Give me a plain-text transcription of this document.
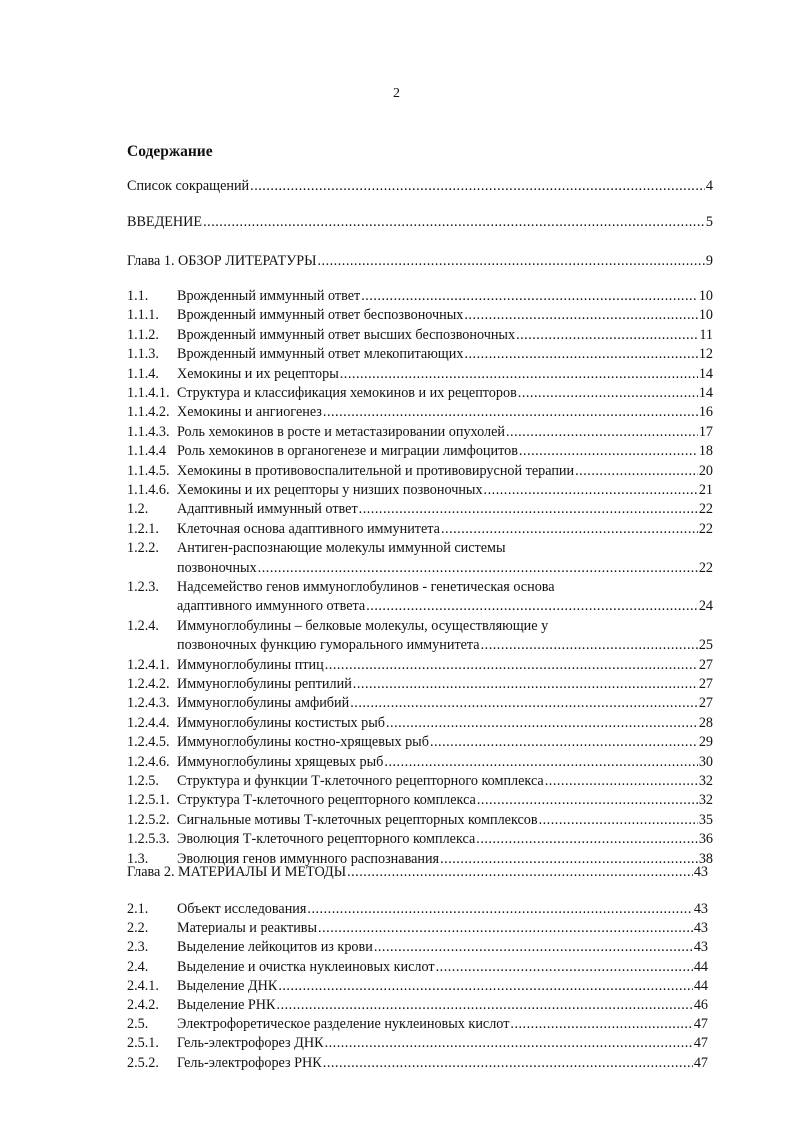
2
Содержание
Список сокращений .....	4
ВВЕДЕНИЕ .....	5
Глава 1. ОБЗОР ЛИТЕРАТУРЫ .....	9
1.1.	Врожденный иммунный ответ .....	10
1.1.1.	Врожденный иммунный ответ беспозвоночных .....	10
1.1.2.	Врожденный иммунный ответ высших беспозвоночных .....	11
1.1.3.	Врожденный иммунный ответ млекопитающих .....	12
1.1.4.	Хемокины и их рецепторы .....	14
1.1.4.1. Структура и классификация хемокинов и их рецепторов .....	14
1.1.4.2. Хемокины и ангиогенез .....	16
1.1.4.3. Роль хемокинов в росте и метастазировании опухолей .....	17
1.1.4.4 Роль хемокинов в органогенезе и миграции лимфоцитов .....	18
1.1.4.5. Хемокины в противовоспалительной и противовирусной терапии .....	20
1.1.4.6. Хемокины и их рецепторы у низших позвоночных .....	21
1.2.	Адаптивный иммунный ответ .....	22
1.2.1.	Клеточная основа адаптивного иммунитета .....	22
1.2.2. Антиген-распознающие молекулы иммунной системы
позвоночных .....	22
1.2.3. Надсемейство генов иммуноглобулинов - генетическая основа
адаптивного иммунного ответа .....	24
1.2.4. Иммуноглобулины – белковые молекулы, осуществляющие у
позвоночных функцию гуморального иммунитета .....	25
1.2.4.1. Иммуноглобулины птиц .....	27
1.2.4.2. Иммуноглобулины рептилий .....	27
1.2.4.3. Иммуноглобулины амфибий .....	27
1.2.4.4. Иммуноглобулины костистых рыб .....	28
1.2.4.5. Иммуноглобулины костно-хрящевых рыб .....	29
1.2.4.6. Иммуноглобулины хрящевых рыб .....	30
1.2.5.	Структура и функции Т-клеточного рецепторного комплекса .....	32
1.2.5.1. Структура Т-клеточного рецепторного комплекса .....	32
1.2.5.2. Сигнальные мотивы Т-клеточных рецепторных комплексов .....	35
1.2.5.3. Эволюция Т-клеточного рецепторного комплекса .....	36
1.3.	Эволюция генов иммунного распознавания .....	38
Глава 2. МАТЕРИАЛЫ И МЕТОДЫ .....	43
2.1.	Объект исследования .....	43
2.2.	Материалы и реактивы .....	43
2.3.	Выделение лейкоцитов из крови .....	43
2.4.	Выделение и очистка нуклеиновых кислот .....	44
2.4.1.	Выделение ДНК .....	44
2.4.2.	Выделение РНК .....	46
2.5.	Электрофоретическое разделение нуклеиновых кислот .....	47
2.5.1.	Гель-электрофорез ДНК .....	47
2.5.2.	Гель-электрофорез РНК .....	47
